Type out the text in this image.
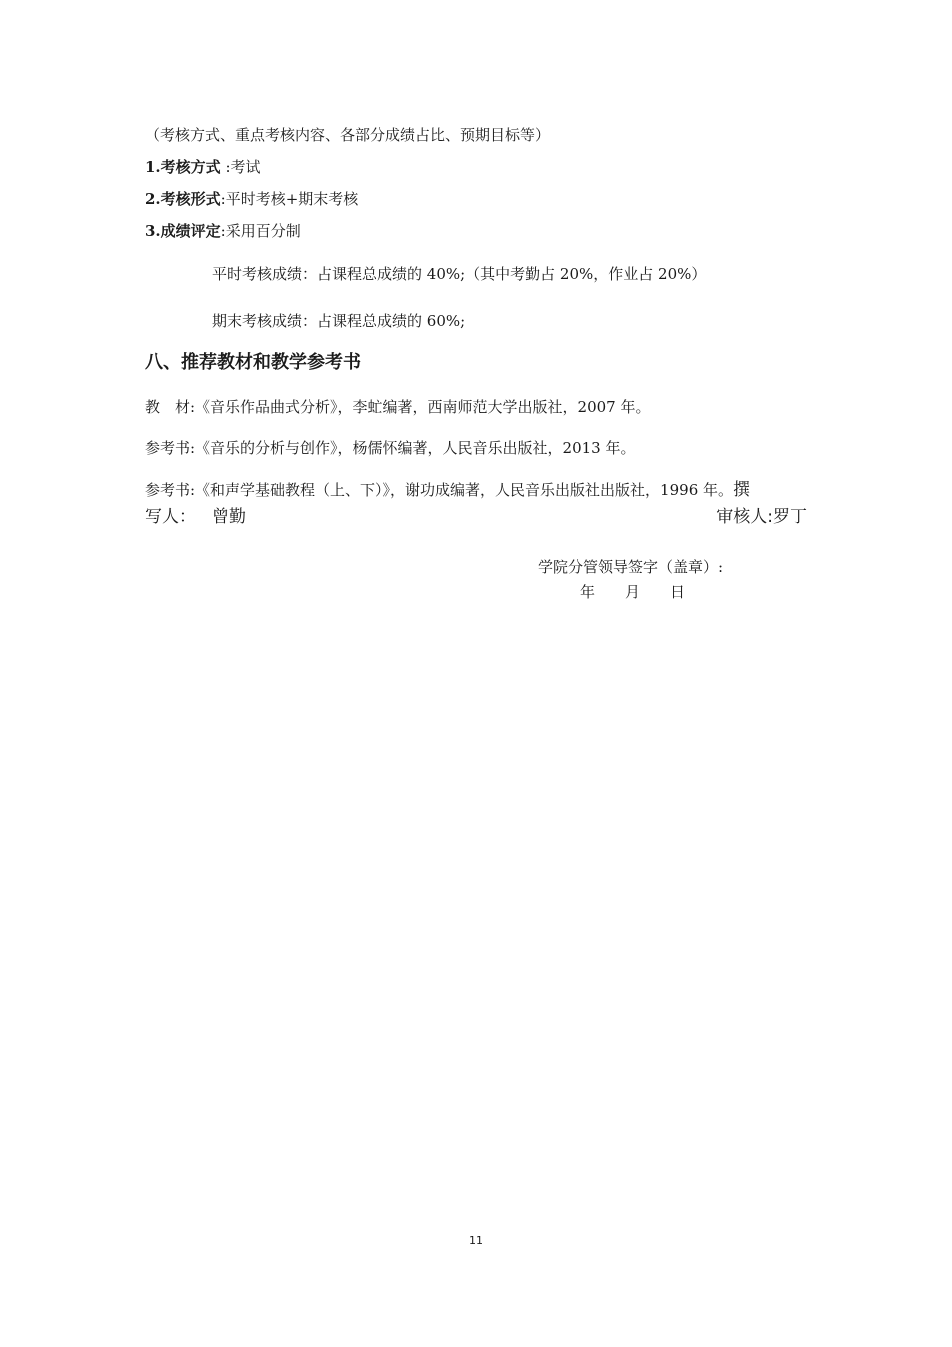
（考核方式、重点考核内容、各部分成绩占比、预期目标等）
1.考核方式 :考试
2.考核形式:平时考核+期末考核
3.成绩评定:采用百分制
平时考核成绩：占课程总成绩的 40%;（其中考勤占 20%，作业占 20%）
期末考核成绩：占课程总成绩的 60%;
八、推荐教材和教学参考书
教　材:《音乐作品曲式分析》，李虻编著，西南师范大学出版社，2007 年。
参考书:《音乐的分析与创作》，杨儒怀编著，人民音乐出版社，2013 年。
参考书:《和声学基础教程（上、下）》，谢功成编著，人民音乐出版社出版社，1996 年。撰
写人： 曾勤	审核人:罗丁
学院分管领导签字（盖章）:
年　　月　　日
11
